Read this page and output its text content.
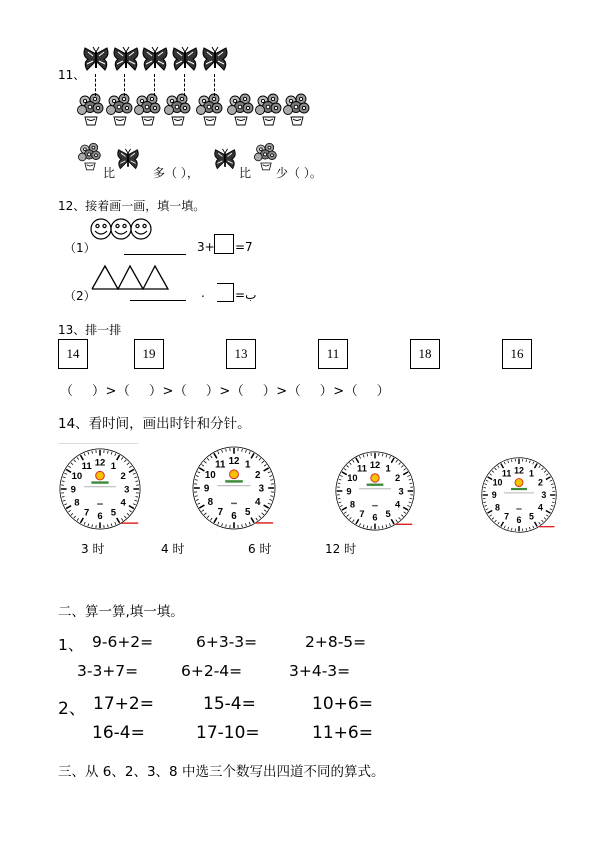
11、
比	多（ ），	比 少（ ）。
12、接着画一画，填一填。
（1）	3+ =7
（2）	.	=ب
13、排一排
14	19	13	11	18	16
（    ）>（    ）>（    ）>（    ）>（    ）>（    ）
14、看时间，画出时针和分针。
1
2
3
4
5
6
7
8
9
10
11 12	1
2
3
4
5
6
7
8
9
10
11 12
1
2
3
4
5
6
7
8
9
10
11 12
1
2
3
4
5
6
7
8
9
10
11 12
3 时	4 时	6 时	12 时
二、算一算,填一填。
1、 9-6+2=	6+3-3=	2+8-5=
3-3+7=	6+2-4=	3+4-3=
2、 17+2=	15-4=	10+6=
16-4=	17-10=	11+6=
三、从 6、2、3、8 中选三个数写出四道不同的算式。
